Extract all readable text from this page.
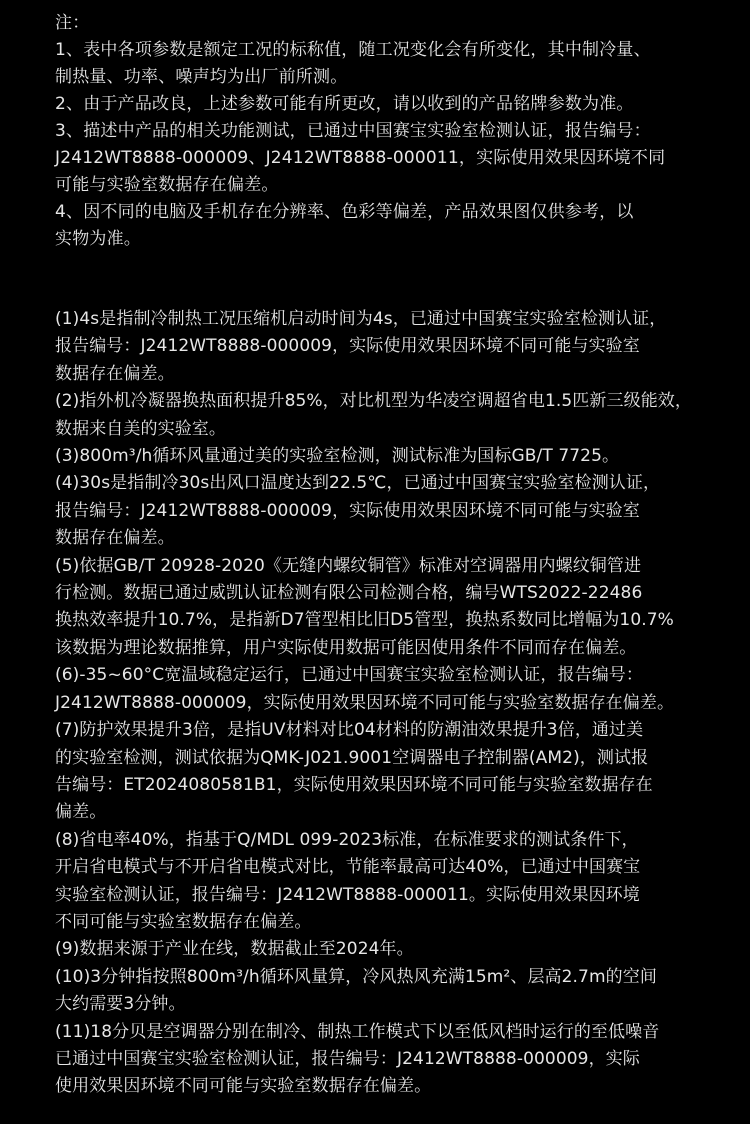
注：
1、表中各项参数是额定工况的标称值，随工况变化会有所变化，其中制冷量、
制热量、功率、噪声均为出厂前所测。
2、由于产品改良，上述参数可能有所更改，请以收到的产品铭牌参数为准。
3、描述中产品的相关功能测试，已通过中国赛宝实验室检测认证，报告编号：
J2412WT8888-000009、J2412WT8888-000011，实际使用效果因环境不同
可能与实验室数据存在偏差。
4、因不同的电脑及手机存在分辨率、色彩等偏差，产品效果图仅供参考，以
实物为准。
(1)4s是指制冷制热工况压缩机启动时间为4s，已通过中国赛宝实验室检测认证，
报告编号：J2412WT8888-000009，实际使用效果因环境不同可能与实验室
数据存在偏差。
(2)指外机冷凝器换热面积提升85%，对比机型为华凌空调超省电1.5匹新三级能效，
数据来自美的实验室。
(3)800m³/h循环风量通过美的实验室检测，测试标准为国标GB/T 7725。
(4)30s是指制冷30s出风口温度达到22.5℃，已通过中国赛宝实验室检测认证，
报告编号：J2412WT8888-000009，实际使用效果因环境不同可能与实验室
数据存在偏差。
(5)依据GB/T 20928-2020《无缝内螺纹铜管》标准对空调器用内螺纹铜管进
行检测。数据已通过威凯认证检测有限公司检测合格，编号WTS2022-22486
换热效率提升10.7%，是指新D7管型相比旧D5管型，换热系数同比增幅为10.7%
该数据为理论数据推算，用户实际使用数据可能因使用条件不同而存在偏差。
(6)-35~60°C宽温域稳定运行，已通过中国赛宝实验室检测认证，报告编号：
J2412WT8888-000009，实际使用效果因环境不同可能与实验室数据存在偏差。
(7)防护效果提升3倍，是指UV材料对比04材料的防潮油效果提升3倍，通过美
的实验室检测，测试依据为QMK-J021.9001空调器电子控制器(AM2)，测试报
告编号：ET2024080581B1，实际使用效果因环境不同可能与实验室数据存在
偏差。
(8)省电率40%，指基于Q/MDL 099-2023标准，在标准要求的测试条件下，
开启省电模式与不开启省电模式对比，节能率最高可达40%，已通过中国赛宝
实验室检测认证，报告编号：J2412WT8888-000011。实际使用效果因环境
不同可能与实验室数据存在偏差。
(9)数据来源于产业在线，数据截止至2024年。
(10)3分钟指按照800m³/h循环风量算，冷风热风充满15m²、层高2.7m的空间
大约需要3分钟。
(11)18分贝是空调器分别在制冷、制热工作模式下以至低风档时运行的至低噪音
已通过中国赛宝实验室检测认证，报告编号：J2412WT8888-000009，实际
使用效果因环境不同可能与实验室数据存在偏差。
